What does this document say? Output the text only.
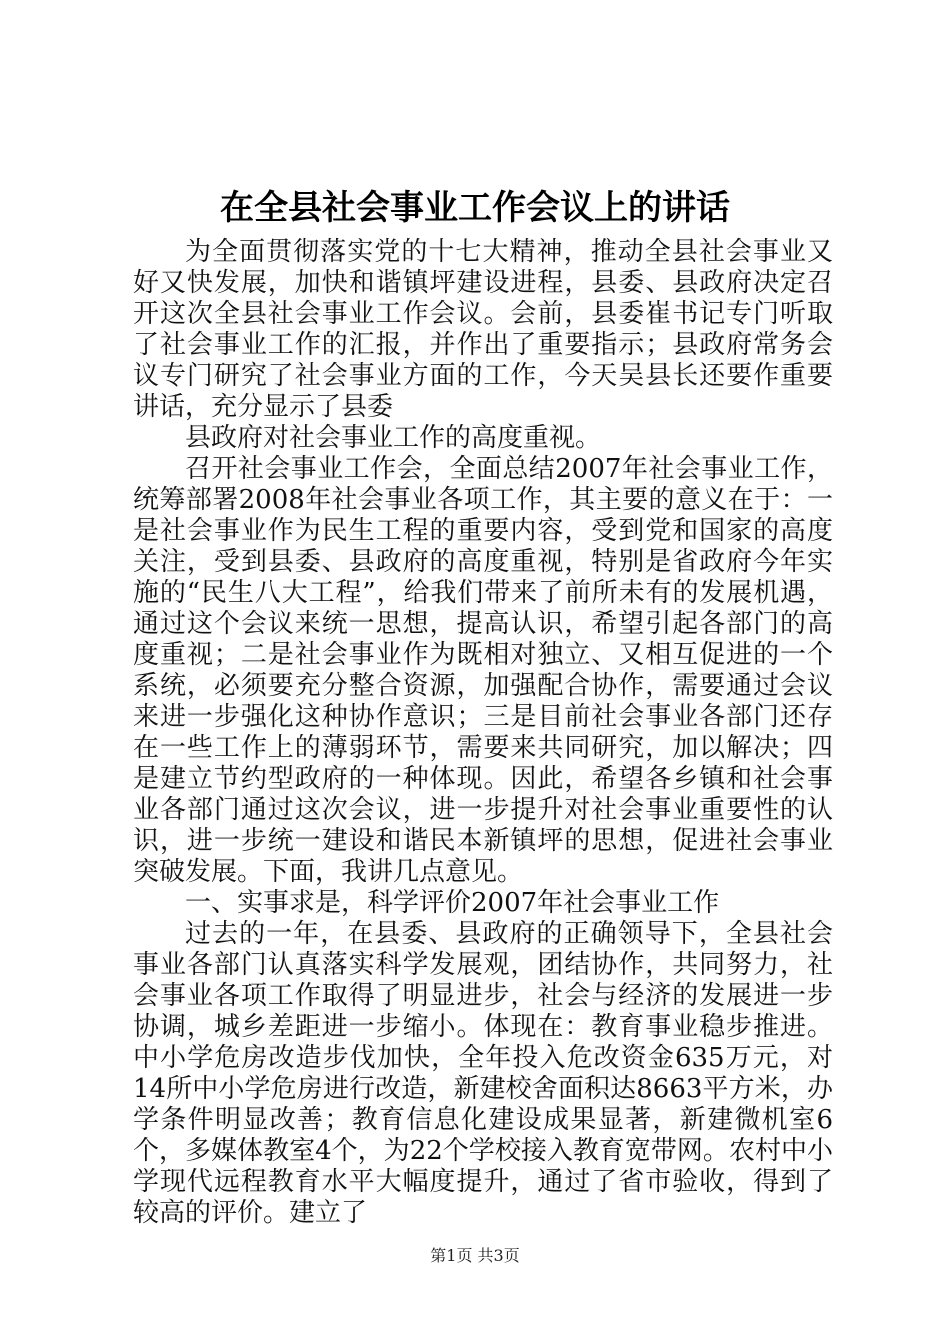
在全县社会事业工作会议上的讲话

为全面贯彻落实党的十七大精神，推动全县社会事业又好又快发展，加快和谐镇坪建设进程，县委、县政府决定召开这次全县社会事业工作会议。会前，县委崔书记专门听取了社会事业工作的汇报，并作出了重要指示；县政府常务会议专门研究了社会事业方面的工作，今天吴县长还要作重要讲话，充分显示了县委

县政府对社会事业工作的高度重视。

召开社会事业工作会，全面总结2007年社会事业工作，统筹部署2008年社会事业各项工作，其主要的意义在于：一是社会事业作为民生工程的重要内容，受到党和国家的高度关注，受到县委、县政府的高度重视，特别是省政府今年实施的“民生八大工程”，给我们带来了前所未有的发展机遇，通过这个会议来统一思想，提高认识，希望引起各部门的高度重视；二是社会事业作为既相对独立、又相互促进的一个系统，必须要充分整合资源，加强配合协作，需要通过会议来进一步强化这种协作意识；三是目前社会事业各部门还存在一些工作上的薄弱环节，需要来共同研究，加以解决；四是建立节约型政府的一种体现。因此，希望各乡镇和社会事业各部门通过这次会议，进一步提升对社会事业重要性的认识，进一步统一建设和谐民本新镇坪的思想，促进社会事业突破发展。下面，我讲几点意见。

一、实事求是，科学评价2007年社会事业工作

过去的一年，在县委、县政府的正确领导下，全县社会事业各部门认真落实科学发展观，团结协作，共同努力，社会事业各项工作取得了明显进步，社会与经济的发展进一步协调，城乡差距进一步缩小。体现在：教育事业稳步推进。中小学危房改造步伐加快，全年投入危改资金635万元，对14所中小学危房进行改造，新建校舍面积达8663平方米，办学条件明显改善；教育信息化建设成果显著，新建微机室6个，多媒体教室4个，为22个学校接入教育宽带网。农村中小学现代远程教育水平大幅度提升，通过了省市验收，得到了较高的评价。建立了

第1页 共3页
